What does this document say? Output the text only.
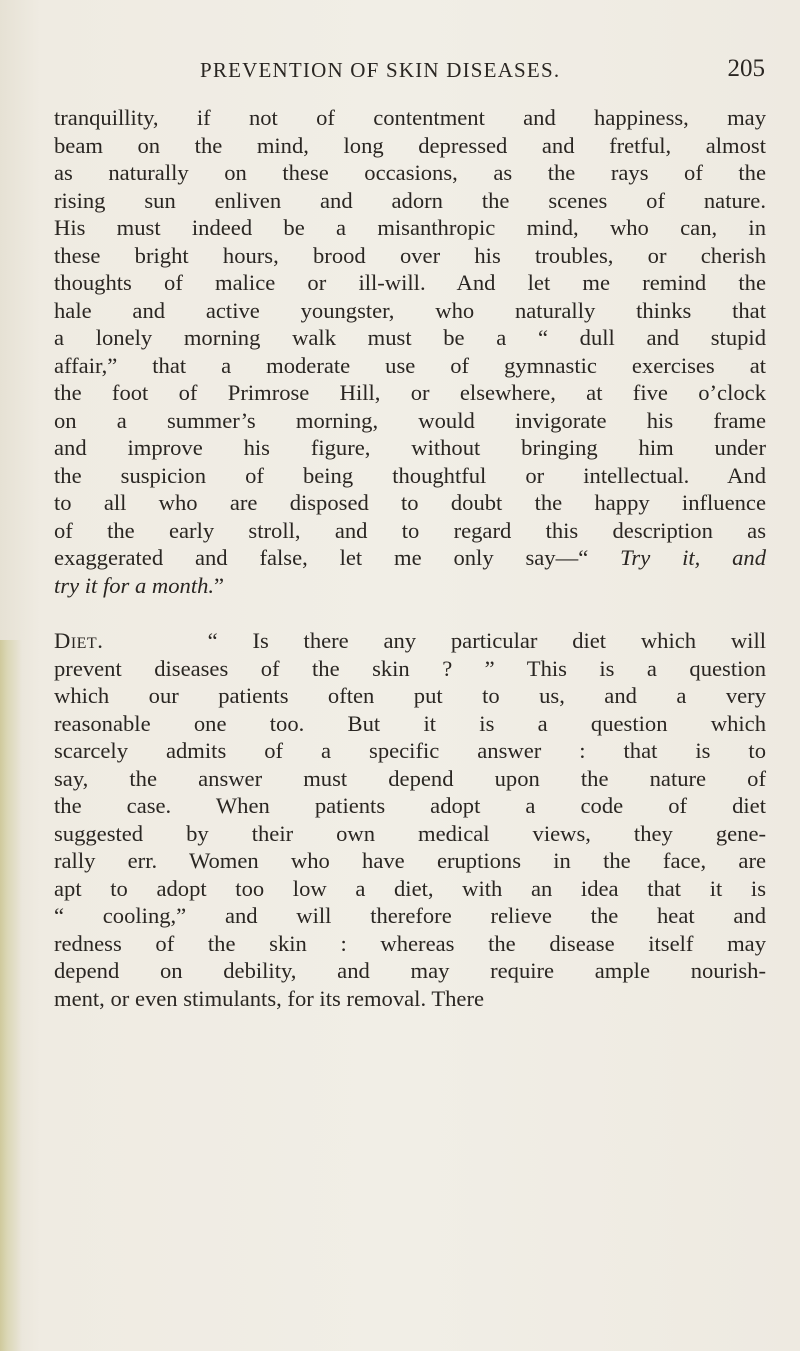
PREVENTION OF SKIN DISEASES.	205
tranquillity, if not of contentment and happiness, may
beam on the mind, long depressed and fretful, almost
as naturally on these occasions, as the rays of the
rising sun enliven and adorn the scenes of nature.
His must indeed be a misanthropic mind, who can, in
these bright hours, brood over his troubles, or cherish
thoughts of malice or ill-will. And let me remind the
hale and active youngster, who naturally thinks that
a lonely morning walk must be a “ dull and stupid
affair,” that a moderate use of gymnastic exercises at
the foot of Primrose Hill, or elsewhere, at five o’clock
on a summer’s morning, would invigorate his frame
and improve his figure, without bringing him under
the suspicion of being thoughtful or intellectual. And
to all who are disposed to doubt the happy influence
of the early stroll, and to regard this description as
exaggerated and false, let me only say—“ Try it, and
try it for a month.”
Diet.	“ Is there any particular diet which will
prevent diseases of the skin ? ” This is a question
which our patients often put to us, and a very
reasonable one too. But it is a question which
scarcely admits of a specific answer : that is to
say, the answer must depend upon the nature of
the case. When patients adopt a code of diet
suggested by their own medical views, they gene-
rally err. Women who have eruptions in the face, are
apt to adopt too low a diet, with an idea that it is
“ cooling,” and will therefore relieve the heat and
redness of the skin : whereas the disease itself may
depend on debility, and may require ample nourish-
ment, or even stimulants, for its removal. There
